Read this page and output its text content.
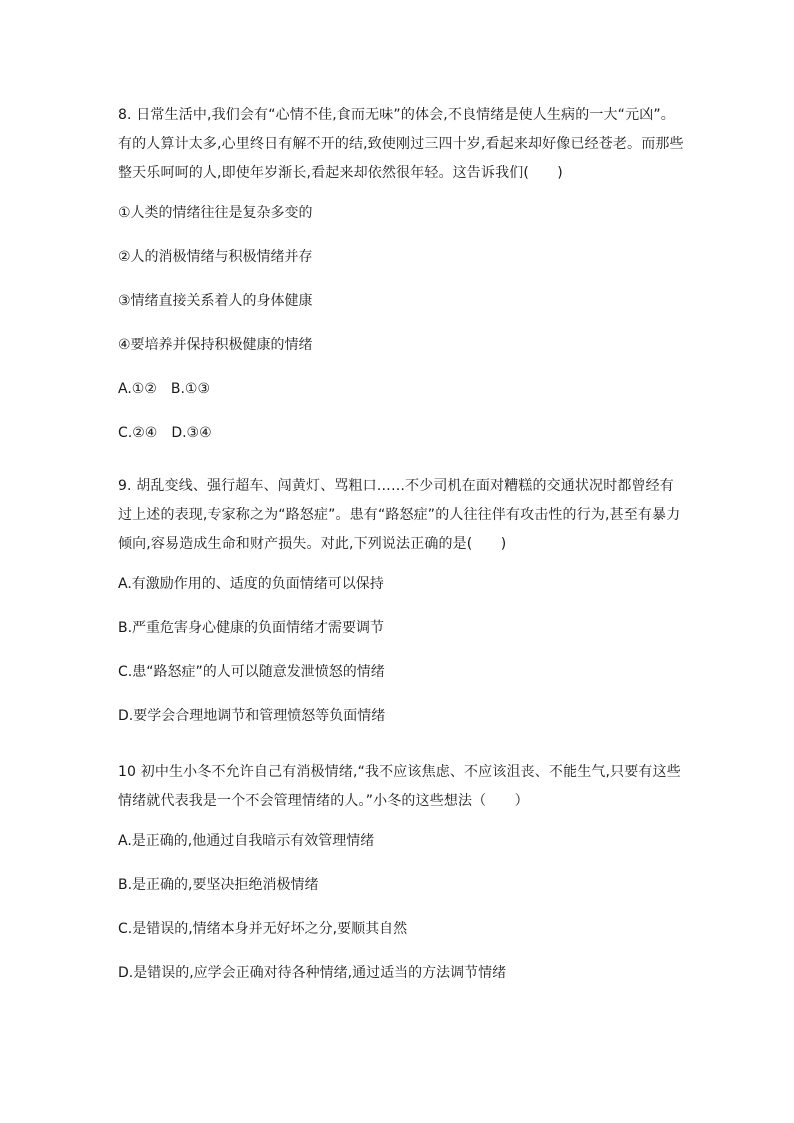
8. 日常生活中,我们会有“心情不佳,食而无味”的体会,不良情绪是使人生病的一大“元凶”。有的人算计太多,心里终日有解不开的结,致使刚过三四十岁,看起来却好像已经苍老。而那些整天乐呵呵的人,即使年岁渐长,看起来却依然很年轻。这告诉我们(　　)

①人类的情绪往往是复杂多变的

②人的消极情绪与积极情绪并存

③情绪直接关系着人的身体健康

④要培养并保持积极健康的情绪

A.①②　B.①③

C.②④　D.③④

9. 胡乱变线、强行超车、闯黄灯、骂粗口……不少司机在面对糟糕的交通状况时都曾经有过上述的表现,专家称之为“路怒症”。患有“路怒症”的人往往伴有攻击性的行为,甚至有暴力倾向,容易造成生命和财产损失。对此,下列说法正确的是(　　)

A.有激励作用的、适度的负面情绪可以保持

B.严重危害身心健康的负面情绪才需要调节

C.患“路怒症”的人可以随意发泄愤怒的情绪

D.要学会合理地调节和管理愤怒等负面情绪

10 初中生小冬不允许自己有消极情绪,“我不应该焦虑、不应该沮丧、不能生气,只要有这些情绪就代表我是一个不会管理情绪的人。”小冬的这些想法（　　）

A.是正确的,他通过自我暗示有效管理情绪

B.是正确的,要坚决拒绝消极情绪

C.是错误的,情绪本身并无好坏之分,要顺其自然

D.是错误的,应学会正确对待各种情绪,通过适当的方法调节情绪
